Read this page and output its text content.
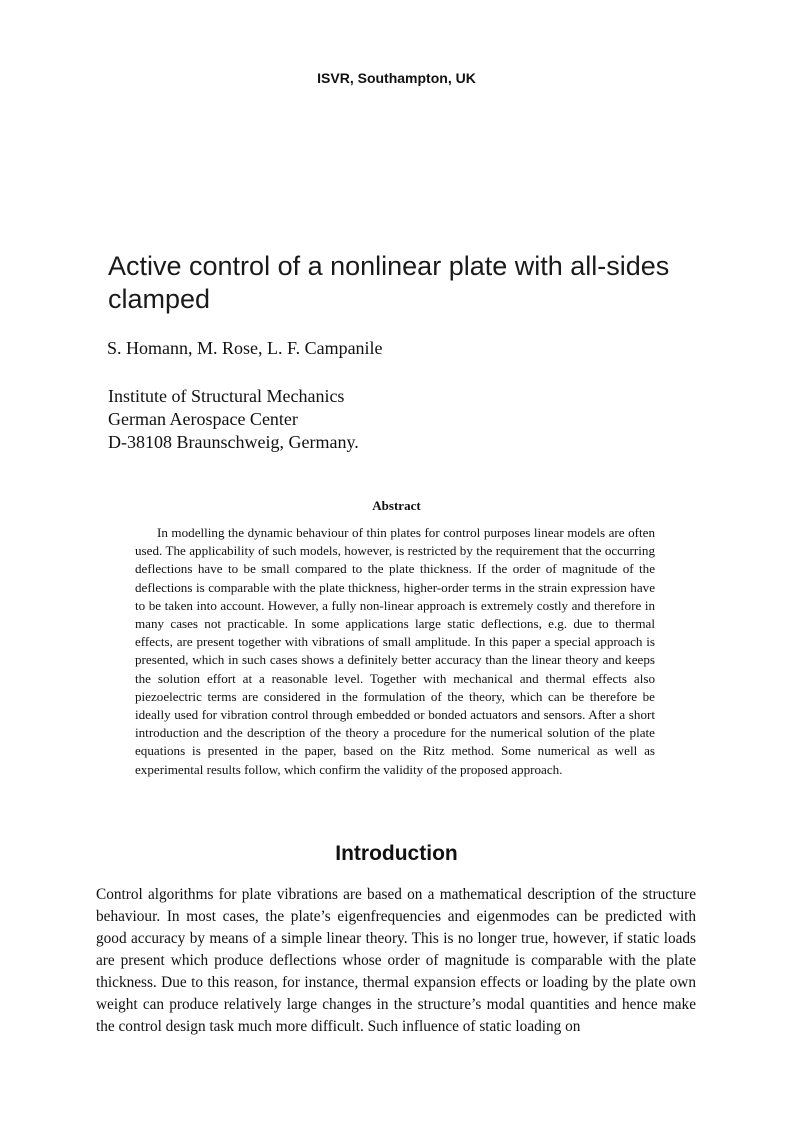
ISVR, Southampton, UK
Active control of a nonlinear plate with all-sides clamped
S. Homann, M. Rose, L. F. Campanile
Institute of Structural Mechanics
German Aerospace Center
D-38108 Braunschweig, Germany.
Abstract
In modelling the dynamic behaviour of thin plates for control purposes linear models are often used. The applicability of such models, however, is restricted by the requirement that the occurring deflections have to be small compared to the plate thickness. If the order of magnitude of the deflections is comparable with the plate thickness, higher-order terms in the strain expression have to be taken into account. However, a fully non-linear approach is extremely costly and therefore in many cases not practicable. In some applications large static deflections, e.g. due to thermal effects, are present together with vibrations of small amplitude. In this paper a special approach is presented, which in such cases shows a definitely better accuracy than the linear theory and keeps the solution effort at a reasonable level. Together with mechanical and thermal effects also piezoelectric terms are considered in the formulation of the theory, which can be therefore be ideally used for vibration control through embedded or bonded actuators and sensors. After a short introduction and the description of the theory a procedure for the numerical solution of the plate equations is presented in the paper, based on the Ritz method. Some numerical as well as experimental results follow, which confirm the validity of the proposed approach.
Introduction
Control algorithms for plate vibrations are based on a mathematical description of the structure behaviour. In most cases, the plate’s eigenfrequencies and eigenmodes can be predicted with good accuracy by means of a simple linear theory. This is no longer true, however, if static loads are present which produce deflections whose order of magnitude is comparable with the plate thickness. Due to this reason, for instance, thermal expansion effects or loading by the plate own weight can produce relatively large changes in the structure’s modal quantities and hence make the control design task much more difficult. Such influence of static loading on
